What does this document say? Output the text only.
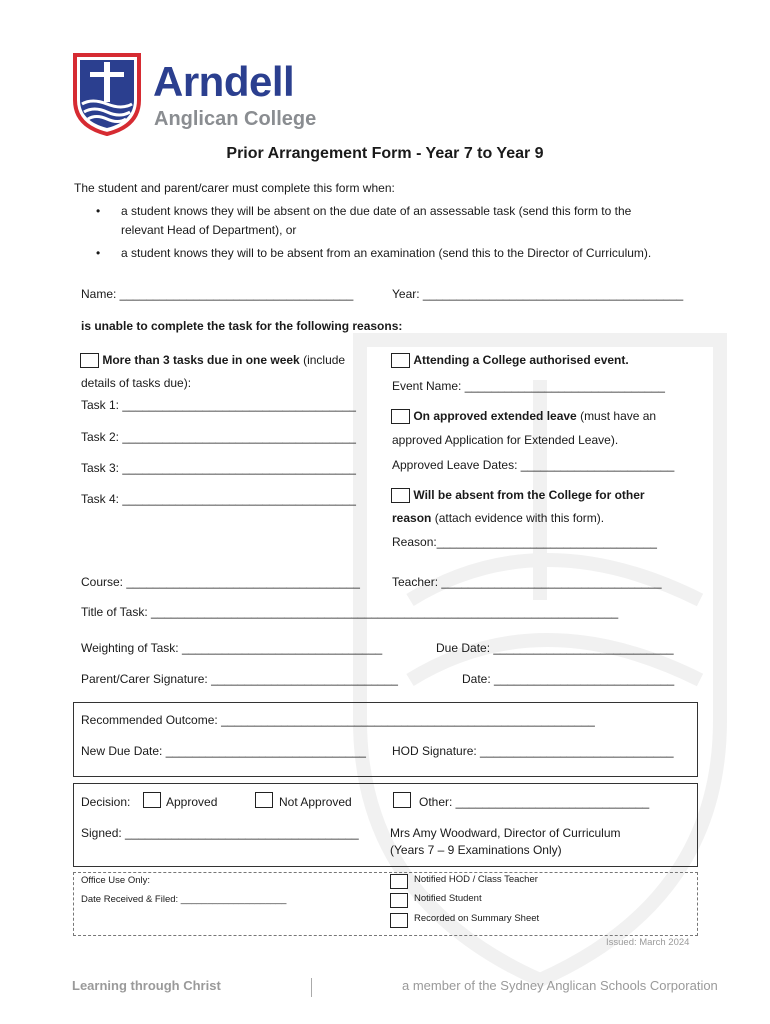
Arndell
Anglican College
Prior Arrangement Form - Year 7 to Year 9
The student and parent/carer must complete this form when:
• a student knows they will be absent on the due date of an assessable task (send this form to the
relevant Head of Department), or
• a student knows they will to be absent from an examination (send this to the Director of Curriculum).
Name: ___________________________________	Year: _______________________________________
is unable to complete the task for the following reasons:
More than 3 tasks due in one week (include
details of tasks due):
Task 1: ___________________________________
Task 2: ___________________________________
Task 3: ___________________________________
Task 4: ___________________________________
Attending a College authorised event.
Event Name: ______________________________
On approved extended leave (must have an
approved Application for Extended Leave).
Approved Leave Dates: _______________________
Will be absent from the College for other
reason (attach evidence with this form).
Reason:_________________________________
Course: ___________________________________	Teacher: _________________________________
Title of Task: ______________________________________________________________________
Weighting of Task: ______________________________	Due Date: ___________________________
Parent/Carer Signature: ____________________________	Date: ___________________________
Recommended Outcome: ________________________________________________________
New Due Date: ______________________________ HOD Signature: _____________________________
Decision:	Approved	Not Approved	Other: _____________________________
Signed: ___________________________________	Mrs Amy Woodward, Director of Curriculum
(Years 7 – 9 Examinations Only)
Office Use Only:
Date Received & Filed: ____________________
Notified HOD / Class Teacher
Notified Student
Recorded on Summary Sheet
Issued: March 2024
Learning through Christ	a member of the Sydney Anglican Schools Corporation
